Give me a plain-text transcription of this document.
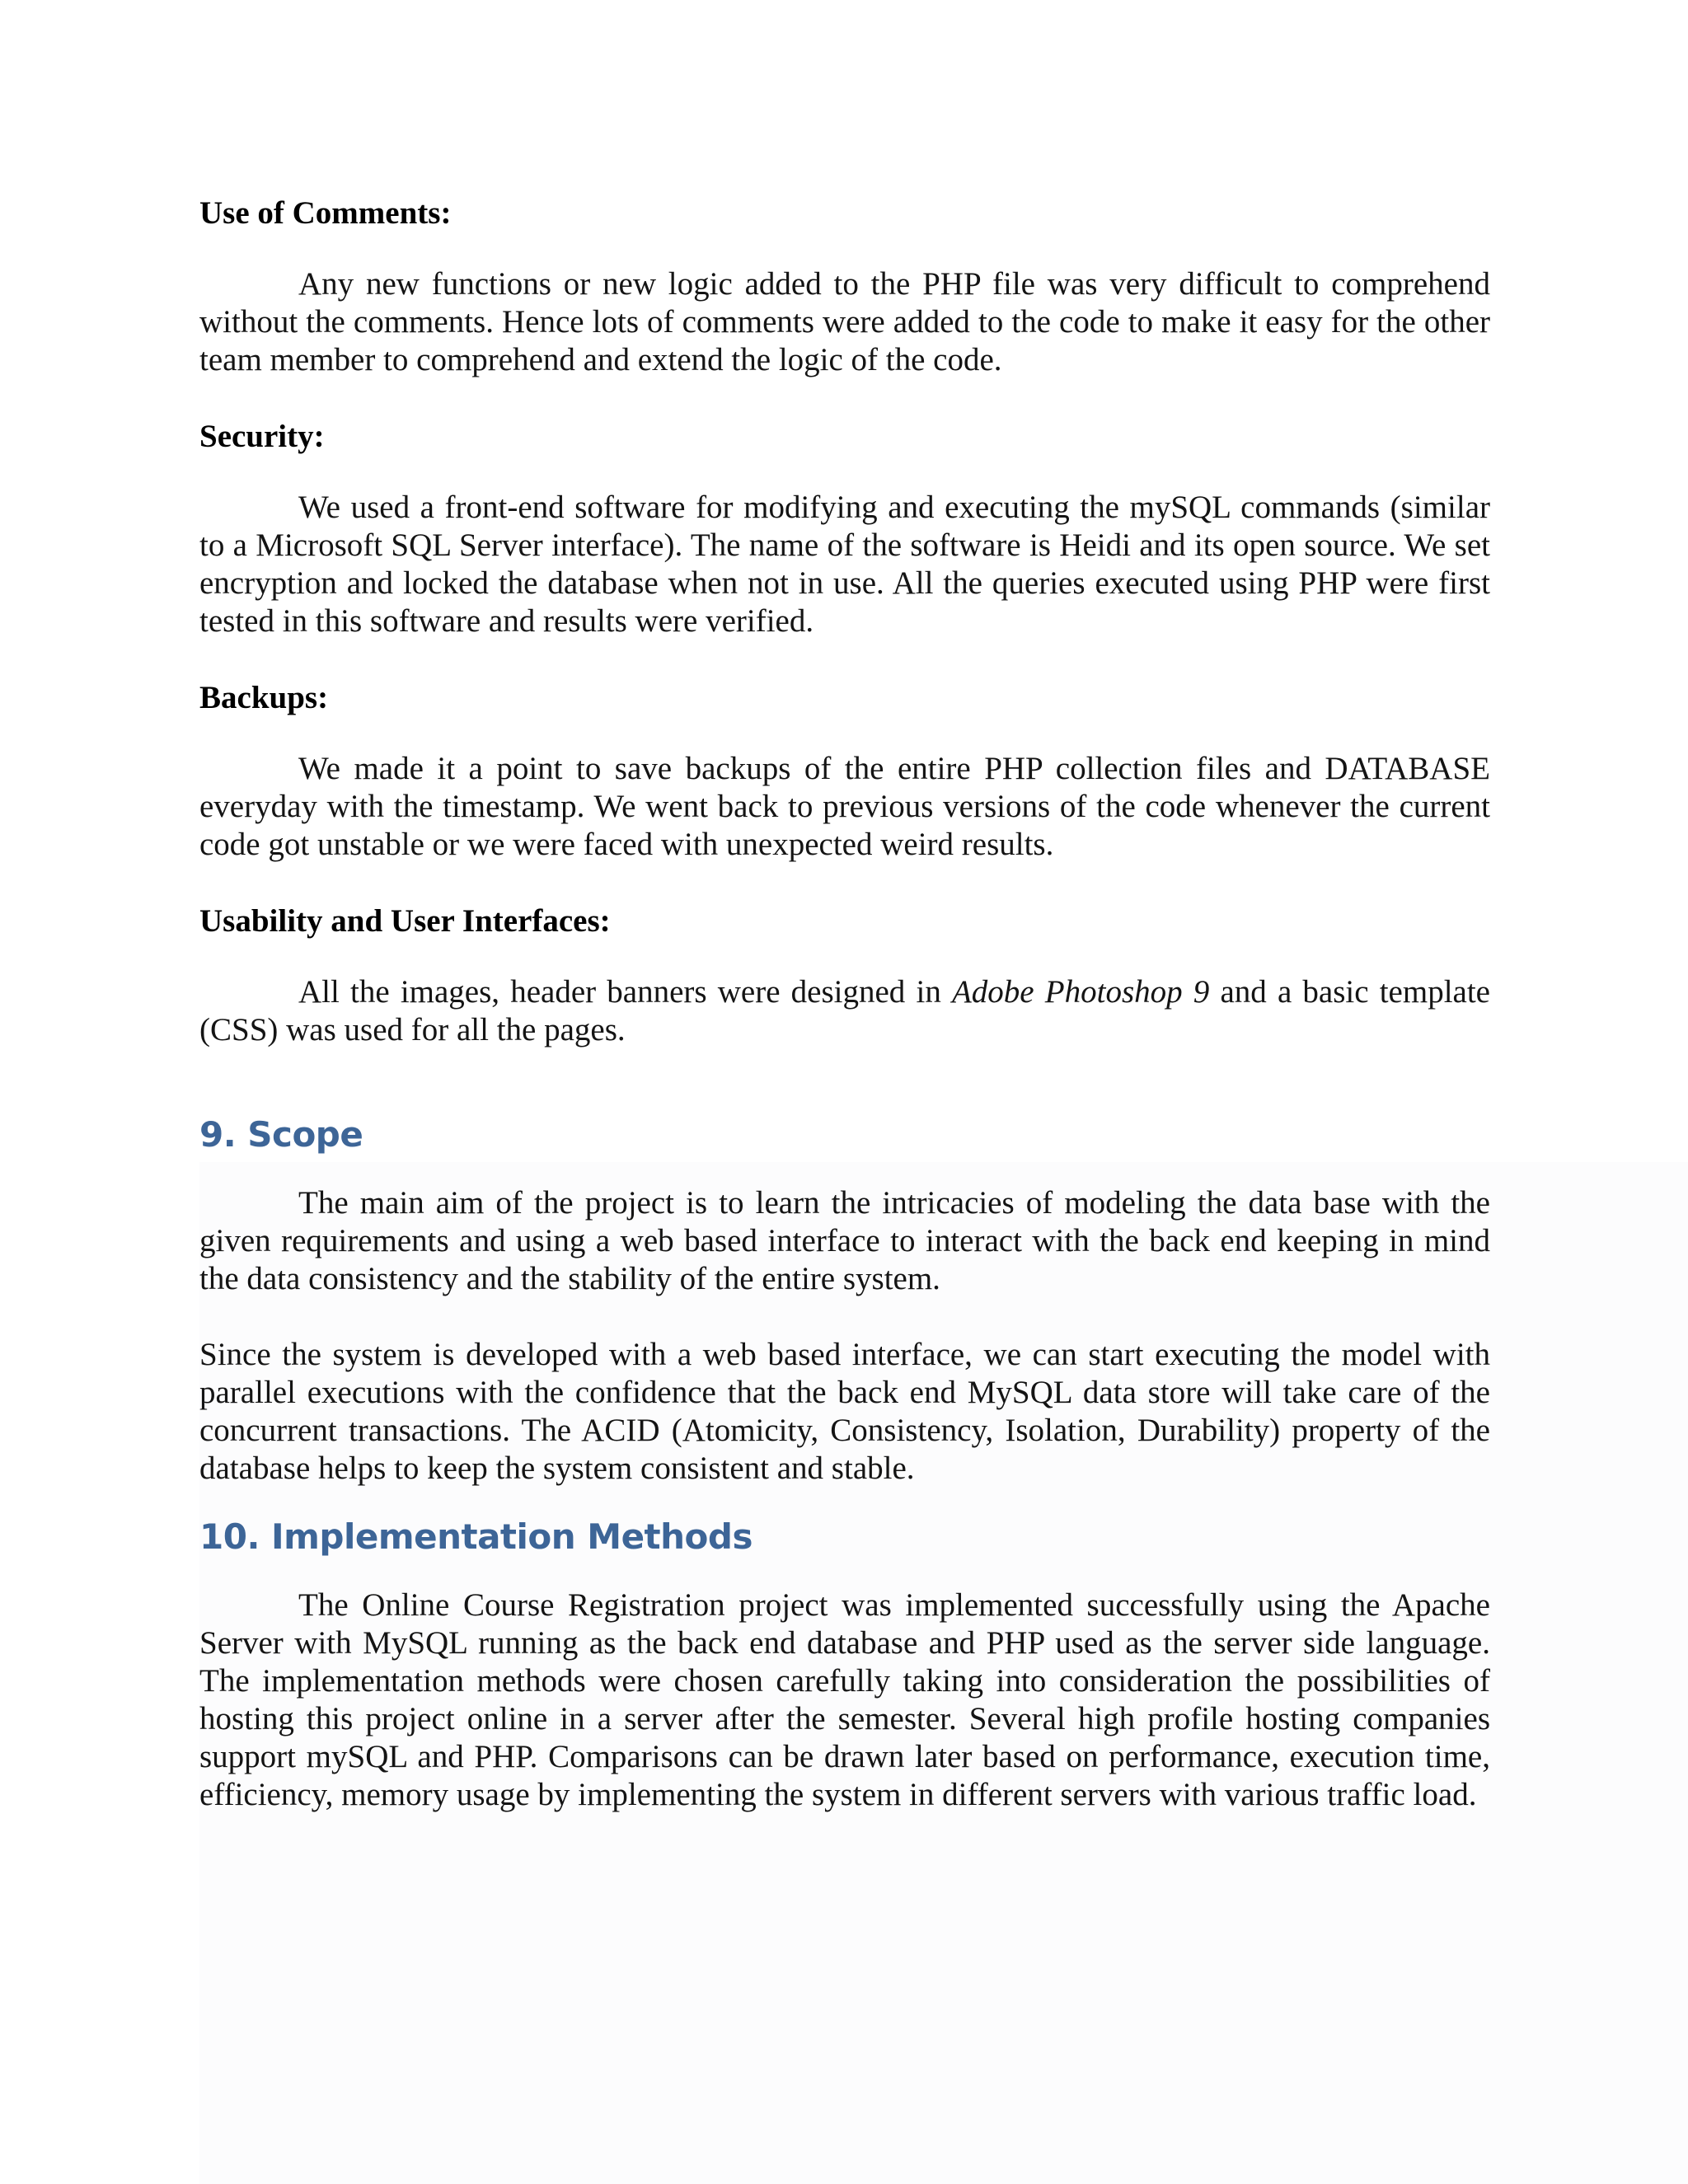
Use of Comments:

Any new functions or new logic added to the PHP file was very difficult to comprehend without the comments. Hence lots of comments were added to the code to make it easy for the other team member to comprehend and extend the logic of the code.

Security:

We used a front-end software for modifying and executing the mySQL commands (similar to a Microsoft SQL Server interface). The name of the software is Heidi and its open source. We set encryption and locked the database when not in use. All the queries executed using PHP were first tested in this software and results were verified.

Backups:

We made it a point to save backups of the entire PHP collection files and DATABASE everyday with the timestamp. We went back to previous versions of the code whenever the current code got unstable or we were faced with unexpected weird results.

Usability and User Interfaces:

All the images, header banners were designed in Adobe Photoshop 9 and a basic template (CSS) was used for all the pages.

9. Scope

The main aim of the project is to learn the intricacies of modeling the data base with the given requirements and using a web based interface to interact with the back end keeping in mind the data consistency and the stability of the entire system.

Since the system is developed with a web based interface, we can start executing the model with parallel executions with the confidence that the back end MySQL data store will take care of the concurrent transactions. The ACID (Atomicity, Consistency, Isolation, Durability) property of the database helps to keep the system consistent and stable.

10. Implementation Methods

The Online Course Registration project was implemented successfully using the Apache Server with MySQL running as the back end database and PHP used as the server side language. The implementation methods were chosen carefully taking into consideration the possibilities of hosting this project online in a server after the semester. Several high profile hosting companies support mySQL and PHP. Comparisons can be drawn later based on performance, execution time, efficiency, memory usage by implementing the system in different servers with various traffic load.
